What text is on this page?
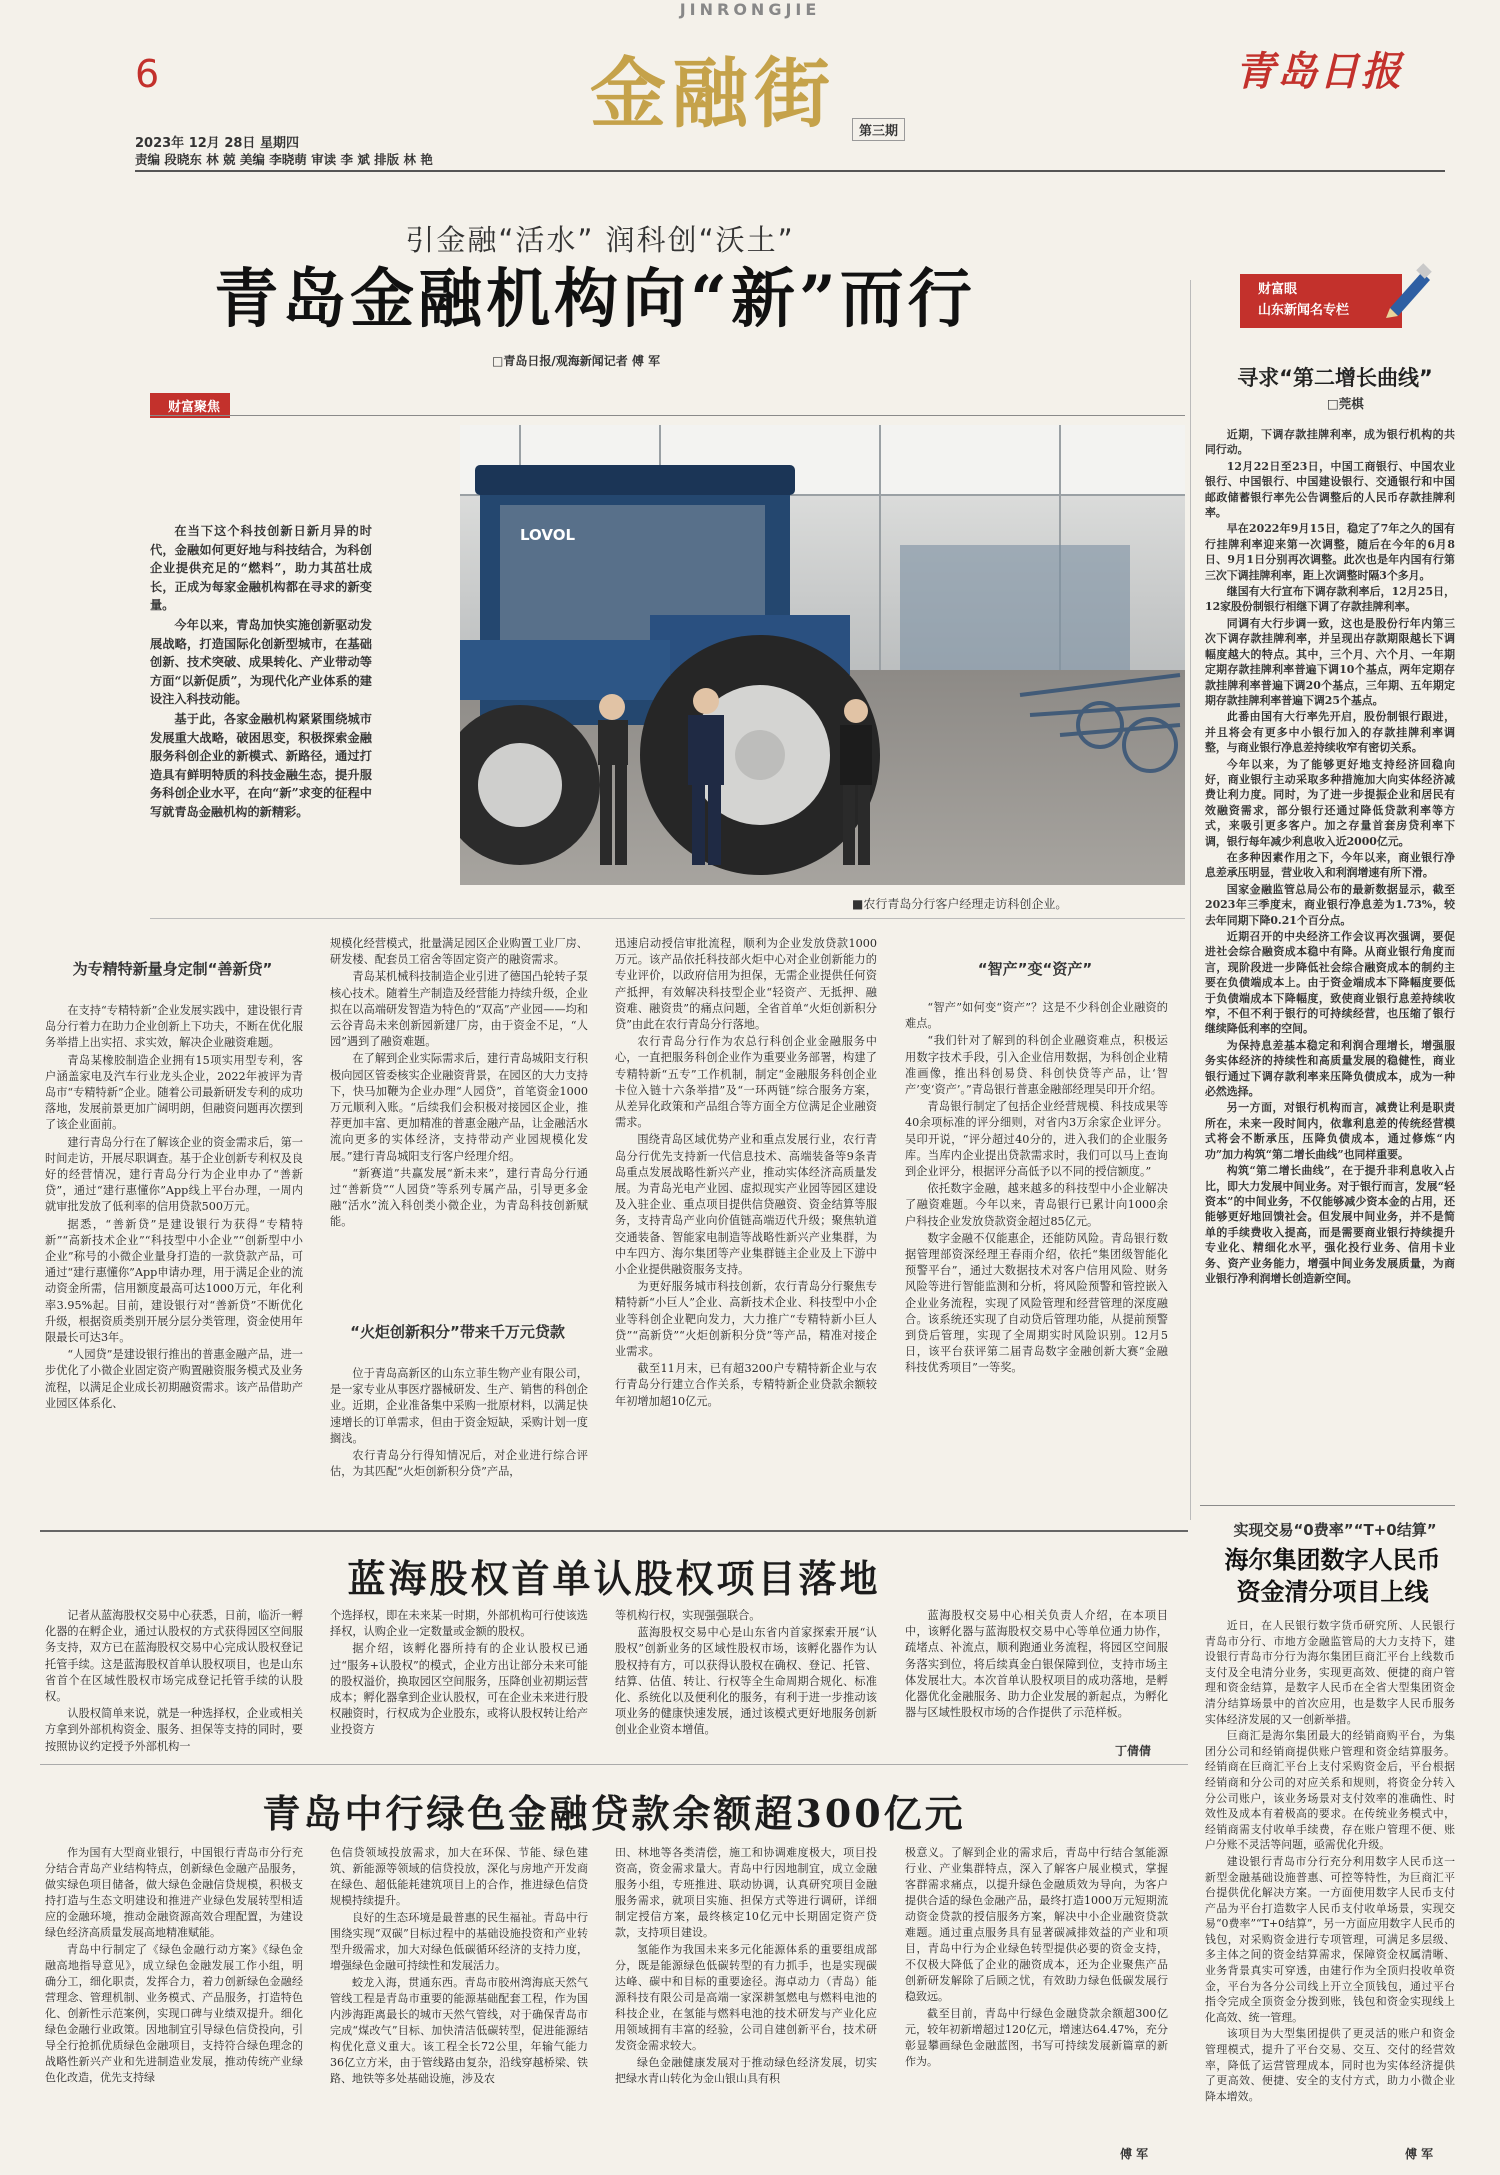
JINRONGJIE
6	金融街	第三期
青岛日报
2023年 12月 28日 星期四
责编 段晓东 林 兢 美编 李晓萌 审读 李 斌 排版 林 艳
引金融“活水” 润科创“沃土”
青岛金融机构向“新”而行
□青岛日报/观海新闻记者 傅 军
财富聚焦

在当下这个科技创新日新月异的时代，金融如何更好地与科技结合，为科创企业提供充足的“燃料”，助力其茁壮成长，正成为每家金融机构都在寻求的新变量。

今年以来，青岛加快实施创新驱动发展战略，打造国际化创新型城市，在基础创新、技术突破、成果转化、产业带动等方面“以新促质”，为现代化产业体系的建设注入科技动能。

基于此，各家金融机构紧紧围绕城市发展重大战略，破困思变，积极探索金融服务科创企业的新模式、新路径，通过打造具有鲜明特质的科技金融生态，提升服务科创企业水平，在向“新”求变的征程中写就青岛金融机构的新精彩。

LOVOL
■农行青岛分行客户经理走访科创企业。
为专精特新量身定制“善新贷”

在支持“专精特新”企业发展实践中，建设银行青岛分行着力在助力企业创新上下功夫，不断在优化服务举措上出实招、求实效，解决企业融资难题。

青岛某橡胶制造企业拥有15项实用型专利，客户涵盖家电及汽车行业龙头企业，2022年被评为青岛市“专精特新”企业。随着公司最新研发专利的成功落地，发展前景更加广阔明朗，但融资问题再次摆到了该企业面前。

建行青岛分行在了解该企业的资金需求后，第一时间走访，开展尽职调查。基于企业创新专利权及良好的经营情况，建行青岛分行为企业申办了“善新贷”，通过“建行惠懂你”App线上平台办理，一周内就审批发放了低利率的信用贷款500万元。

据悉，“善新贷”是建设银行为获得“专精特新”“高新技术企业”“科技型中小企业”“创新型中小企业”称号的小微企业量身打造的一款贷款产品，可通过“建行惠懂你”App申请办理，用于满足企业的流动资金所需，信用额度最高可达1000万元，年化利率3.95%起。目前，建设银行对“善新贷”不断优化升级，根据资质类别开展分层分类管理，资金使用年限最长可达3年。

“人园贷”是建设银行推出的普惠金融产品，进一步优化了小微企业固定资产购置融资服务模式及业务流程，以满足企业成长初期融资需求。该产品借助产业园区体系化、

规模化经营模式，批量满足园区企业购置工业厂房、研发楼、配套员工宿舍等固定资产的融资需求。

青岛某机械科技制造企业引进了德国凸轮转子泵核心技术。随着生产制造及经营能力持续升级，企业拟在以高端研发智造为特色的“双高”产业园——均和云谷青岛未来创新园新建厂房，由于资金不足，“人园”遇到了融资难题。

在了解到企业实际需求后，建行青岛城阳支行积极向园区管委核实企业融资背景，在园区的大力支持下，快马加鞭为企业办理“人园贷”，首笔资金1000万元顺利入账。“后续我们会积极对接园区企业，推荐更加丰富、更加精准的普惠金融产品，让金融活水流向更多的实体经济，支持带动产业园规模化发展。”建行青岛城阳支行客户经理介绍。

“新赛道”共赢发展“新未来”，建行青岛分行通过“善新贷”“人园贷”等系列专属产品，引导更多金融“活水”流入科创类小微企业，为青岛科技创新赋能。

“火炬创新积分”带来千万元贷款

位于青岛高新区的山东立菲生物产业有限公司，是一家专业从事医疗器械研发、生产、销售的科创企业。近期，企业准备集中采购一批原材料，以满足快速增长的订单需求，但由于资金短缺，采购计划一度搁浅。

农行青岛分行得知情况后，对企业进行综合评估，为其匹配“火炬创新积分贷”产品，

迅速启动授信审批流程，顺利为企业发放贷款1000万元。该产品依托科技部火炬中心对企业创新能力的专业评价，以政府信用为担保，无需企业提供任何资产抵押，有效解决科技型企业“轻资产、无抵押、融资难、融资贵”的痛点问题，全省首单“火炬创新积分贷”由此在农行青岛分行落地。

农行青岛分行作为农总行科创企业金融服务中心，一直把服务科创企业作为重要业务部署，构建了专精特新“五专”工作机制，制定“金融服务科创企业卡位入链十六条举措”及“一环两链”综合服务方案，从差异化政策和产品组合等方面全方位满足企业融资需求。

围绕青岛区域优势产业和重点发展行业，农行青岛分行优先支持新一代信息技术、高端装备等9条青岛重点发展战略性新兴产业，推动实体经济高质量发展。为青岛光电产业园、虚拟现实产业园等园区建设及入驻企业、重点项目提供信贷融资、资金结算等服务，支持青岛产业向价值链高端迈代升级；聚焦轨道交通装备、智能家电制造等战略性新兴产业集群，为中车四方、海尔集团等产业集群链主企业及上下游中小企业提供融资服务支持。

为更好服务城市科技创新，农行青岛分行聚焦专精特新“小巨人”企业、高新技术企业、科技型中小企业等科创企业靶向发力，大力推广“专精特新小巨人贷”“高新贷”“火炬创新积分贷”等产品，精准对接企业需求。

截至11月末，已有超3200户专精特新企业与农行青岛分行建立合作关系，专精特新企业贷款余额较年初增加超10亿元。

“智产”变“资产”

“智产”如何变“资产”？这是不少科创企业融资的难点。

“我们针对了解到的科创企业融资难点，积极运用数字技术手段，引入企业信用数据，为科创企业精准画像，推出科创易贷、科创快贷等产品，让‘智产’变‘资产’。”青岛银行普惠金融部经理吴印开介绍。

青岛银行制定了包括企业经营规模、科技成果等40余项标准的评分细则，对省内3万余家企业评分。吴印开说，“评分超过40分的，进入我们的企业服务库。当库内企业提出贷款需求时，我们可以马上查询到企业评分，根据评分高低予以不同的授信额度。”

依托数字金融，越来越多的科技型中小企业解决了融资难题。今年以来，青岛银行已累计向1000余户科技企业发放贷款资金超过85亿元。

数字金融不仅能惠企，还能防风险。青岛银行数据管理部资深经理王春雨介绍，依托“集团级智能化预警平台”，通过大数据技术对客户信用风险、财务风险等进行智能监测和分析，将风险预警和管控嵌入企业业务流程，实现了风险管理和经营管理的深度融合。该系统还实现了自动贷后管理功能，从提前预警到贷后管理，实现了全周期实时风险识别。12月5日，该平台获评第二届青岛数字金融创新大赛“金融科技优秀项目”一等奖。

财富眼
山东新闻名专栏
寻求“第二增长曲线”
□莞棋

近期，下调存款挂牌利率，成为银行机构的共同行动。

12月22日至23日，中国工商银行、中国农业银行、中国银行、中国建设银行、交通银行和中国邮政储蓄银行率先公告调整后的人民币存款挂牌利率。

早在2022年9月15日，稳定了7年之久的国有行挂牌利率迎来第一次调整，随后在今年的6月8日、9月1日分别再次调整。此次也是年内国有行第三次下调挂牌利率，距上次调整时隔3个多月。

继国有大行宣布下调存款利率后，12月25日，12家股份制银行相继下调了存款挂牌利率。

同调有大行步调一致，这也是股份行年内第三次下调存款挂牌利率，并呈现出存款期限越长下调幅度越大的特点。其中，三个月、六个月、一年期定期存款挂牌利率普遍下调10个基点，两年定期存款挂牌利率普遍下调20个基点，三年期、五年期定期存款挂牌利率普遍下调25个基点。

此番由国有大行率先开启，股份制银行跟进，并且将会有更多中小银行加入的存款挂牌利率调整，与商业银行净息差持续收窄有密切关系。

今年以来，为了能够更好地支持经济回稳向好，商业银行主动采取多种措施加大向实体经济减费让利力度。同时，为了进一步提振企业和居民有效融资需求，部分银行还通过降低贷款利率等方式，来吸引更多客户。加之存量首套房贷利率下调，银行每年减少利息收入近2000亿元。

在多种因素作用之下，今年以来，商业银行净息差承压明显，营业收入和利润增速有所下滑。

国家金融监管总局公布的最新数据显示，截至2023年三季度末，商业银行净息差为1.73%，较去年同期下降0.21个百分点。

近期召开的中央经济工作会议再次强调，要促进社会综合融资成本稳中有降。从商业银行角度而言，现阶段进一步降低社会综合融资成本的制约主要在负债端成本上。由于资金端成本下降幅度要低于负债端成本下降幅度，致使商业银行息差持续收窄，不但不利于银行的可持续经营，也压缩了银行继续降低利率的空间。

为保持息差基本稳定和利润合理增长，增强服务实体经济的持续性和高质量发展的稳健性，商业银行通过下调存款利率来压降负债成本，成为一种必然选择。

另一方面，对银行机构而言，减费让利是职责所在，未来一段时间内，依靠利息差的传统经营模式将会不断承压，压降负债成本，通过修炼“内功”加力构筑“第二增长曲线”也同样重要。

构筑“第二增长曲线”，在于提升非利息收入占比，即大力发展中间业务。对于银行而言，发展“轻资本”的中间业务，不仅能够减少资本金的占用，还能够更好地回馈社会。但发展中间业务，并不是简单的手续费收入提高，而是需要商业银行持续提升专业化、精细化水平，强化投行业务、信用卡业务、资产业务能力，增强中间业务发展质量，为商业银行净利润增长创造新空间。

实现交易“0费率”“T+0结算”
海尔集团数字人民币
资金清分项目上线

近日，在人民银行数字货币研究所、人民银行青岛市分行、市地方金融监管局的大力支持下，建设银行青岛市分行为海尔集团巨商汇平台上线数币支付及全电清分业务，实现更高效、便捷的商户管理和资金结算，是数字人民币在全省大型集团资金清分结算场景中的首次应用，也是数字人民币服务实体经济发展的又一创新举措。

巨商汇是海尔集团最大的经销商购平台，为集团分公司和经销商提供账户管理和资金结算服务。经销商在巨商汇平台上支付采购资金后，平台根据经销商和分公司的对应关系和规则，将资金分转入分公司账户，该业务场景对支付效率的准确性、时效性及成本有着极高的要求。在传统业务模式中，经销商需支付收单手续费，存在账户管理不便、账户分账不灵活等问题，亟需优化升级。

建设银行青岛市分行充分利用数字人民币这一新型金融基础设施普惠、可控等特性，为巨商汇平台提供优化解决方案。一方面使用数字人民币支付产品为平台打造数字人民币支付收单场景，实现交易“0费率”“T+0结算”，另一方面应用数字人民币的钱包，对采购资金进行专项管理，可满足多层级、多主体之间的资金结算需求，保障资金权属清晰、业务背景真实可穿透，由建行作为全顶归投收单资金，平台为各分公司线上开立全顶钱包，通过平台指令完成全顶资金分拨到账，钱包和资金实现线上化高效、统一管理。

该项目为大型集团提供了更灵活的账户和资金管理模式，提升了平台交易、交互、交付的经营效率，降低了运营管理成本，同时也为实体经济提供了更高效、便捷、安全的支付方式，助力小微企业降本增效。

傅 军
蓝海股权首单认股权项目落地

记者从蓝海股权交易中心获悉，日前，临沂一孵化器的在孵企业，通过认股权的方式获得园区空间服务支持，双方已在蓝海股权交易中心完成认股权登记托管手续。这是蓝海股权首单认股权项目，也是山东省首个在区域性股权市场完成登记托管手续的认股权。

认股权简单来说，就是一种选择权，企业或相关方拿到外部机构资金、服务、担保等支持的同时，要按照协议约定授予外部机构一

个选择权，即在未来某一时期，外部机构可行使该选择权，认购企业一定数量或金额的股权。

据介绍，该孵化器所持有的企业认股权已通过“服务+认股权”的模式，企业方出让部分未来可能的股权溢价，换取园区空间服务，压降创业初期运营成本；孵化器拿到企业认股权，可在企业未来进行股权融资时，行权成为企业股东，或将认股权转让给产业投资方

等机构行权，实现强强联合。

蓝海股权交易中心是山东省内首家探索开展“认股权”创新业务的区域性股权市场，该孵化器作为认股权持有方，可以获得认股权在确权、登记、托管、结算、估值、转让、行权等全生命周期合规化、标准化、系统化以及便利化的服务，有利于进一步推动该项业务的健康快速发展，通过该模式更好地服务创新创业企业资本增值。

蓝海股权交易中心相关负责人介绍，在本项目中，该孵化器与蓝海股权交易中心等单位通力协作，疏堵点、补流点，顺利跑通业务流程，将园区空间服务落实到位，将后续真金白银保障到位，支持市场主体发展壮大。本次首单认股权项目的成功落地，是孵化器优化金融服务、助力企业发展的新起点，为孵化器与区域性股权市场的合作提供了示范样板。

丁倩倩
青岛中行绿色金融贷款余额超300亿元

作为国有大型商业银行，中国银行青岛市分行充分结合青岛产业结构特点，创新绿色金融产品服务，做实绿色项目储备，做大绿色金融信贷规模，积极支持打造与生态文明建设和推进产业绿色发展转型相适应的金融环境，推动金融资源高效合理配置，为建设绿色经济高质量发展高地精准赋能。

青岛中行制定了《绿色金融行动方案》《绿色金融高地指导意见》，成立绿色金融发展工作小组，明确分工，细化职责，发挥合力，着力创新绿色金融经营理念、管理机制、业务模式、产品服务，打造特色化、创新性示范案例，实现口碑与业绩双提升。细化绿色金融行业政策。因地制宜引导绿色信贷投向，引导全行抢抓优质绿色金融项目，支持符合绿色理念的战略性新兴产业和先进制造业发展，推动传统产业绿色化改造，优先支持绿

色信贷领域投放需求，加大在环保、节能、绿色建筑、新能源等领域的信贷投放，深化与房地产开发商在绿色、超低能耗建筑项目上的合作，推进绿色信贷规模持续提升。

良好的生态环境是最普惠的民生福祉。青岛中行围绕实现“双碳”目标过程中的基础设施投资和产业转型升级需求，加大对绿色低碳循环经济的支持力度，增强绿色金融可持续性和发展活力。

蛟龙入海，贯通东西。青岛市胶州湾海底天然气管线工程是青岛市重要的能源基础配套工程，作为国内涉海距离最长的城市天然气管线，对于确保青岛市完成“煤改气”目标、加快清洁低碳转型，促进能源结构优化意义重大。该工程全长72公里，年输气能力36亿立方米，由于管线路由复杂，沿线穿越桥梁、铁路、地铁等多处基础设施，涉及农

田、林地等各类清偿，施工和协调难度极大，项目投资高，资金需求量大。青岛中行因地制宜，成立金融服务小组，专班推进、联动协调，认真研究项目金融服务需求，就项目实施、担保方式等进行调研，详细制定授信方案，最终核定10亿元中长期固定资产贷款，支持项目建设。

氢能作为我国未来多元化能源体系的重要组成部分，既是能源绿色低碳转型的有力抓手，也是实现碳达峰、碳中和目标的重要途径。海卓动力（青岛）能源科技有限公司是高端一家深耕氢燃电与燃料电池的科技企业，在氢能与燃料电池的技术研发与产业化应用领域拥有丰富的经验，公司自建创新平台，技术研发资金需求较大。

绿色金融健康发展对于推动绿色经济发展，切实把绿水青山转化为金山银山具有积

极意义。了解到企业的需求后，青岛中行结合氢能源行业、产业集群特点，深入了解客户展业模式，掌握客群需求痛点，以提升绿色金融质效为导向，为客户提供合适的绿色金融产品，最终打造1000万元短期流动资金贷款的授信服务方案，解决中小企业融资贷款难题。通过重点服务具有显著碳减排效益的产业和项目，青岛中行为企业绿色转型提供必要的资金支持，不仅极大降低了企业的融资成本，还为企业聚焦产品创新研发解除了后顾之忧，有效助力绿色低碳发展行稳致远。

截至目前，青岛中行绿色金融贷款余额超300亿元，较年初新增超过120亿元，增速达64.47%，充分彰显攀画绿色金融蓝图，书写可持续发展新篇章的新作为。

傅 军
